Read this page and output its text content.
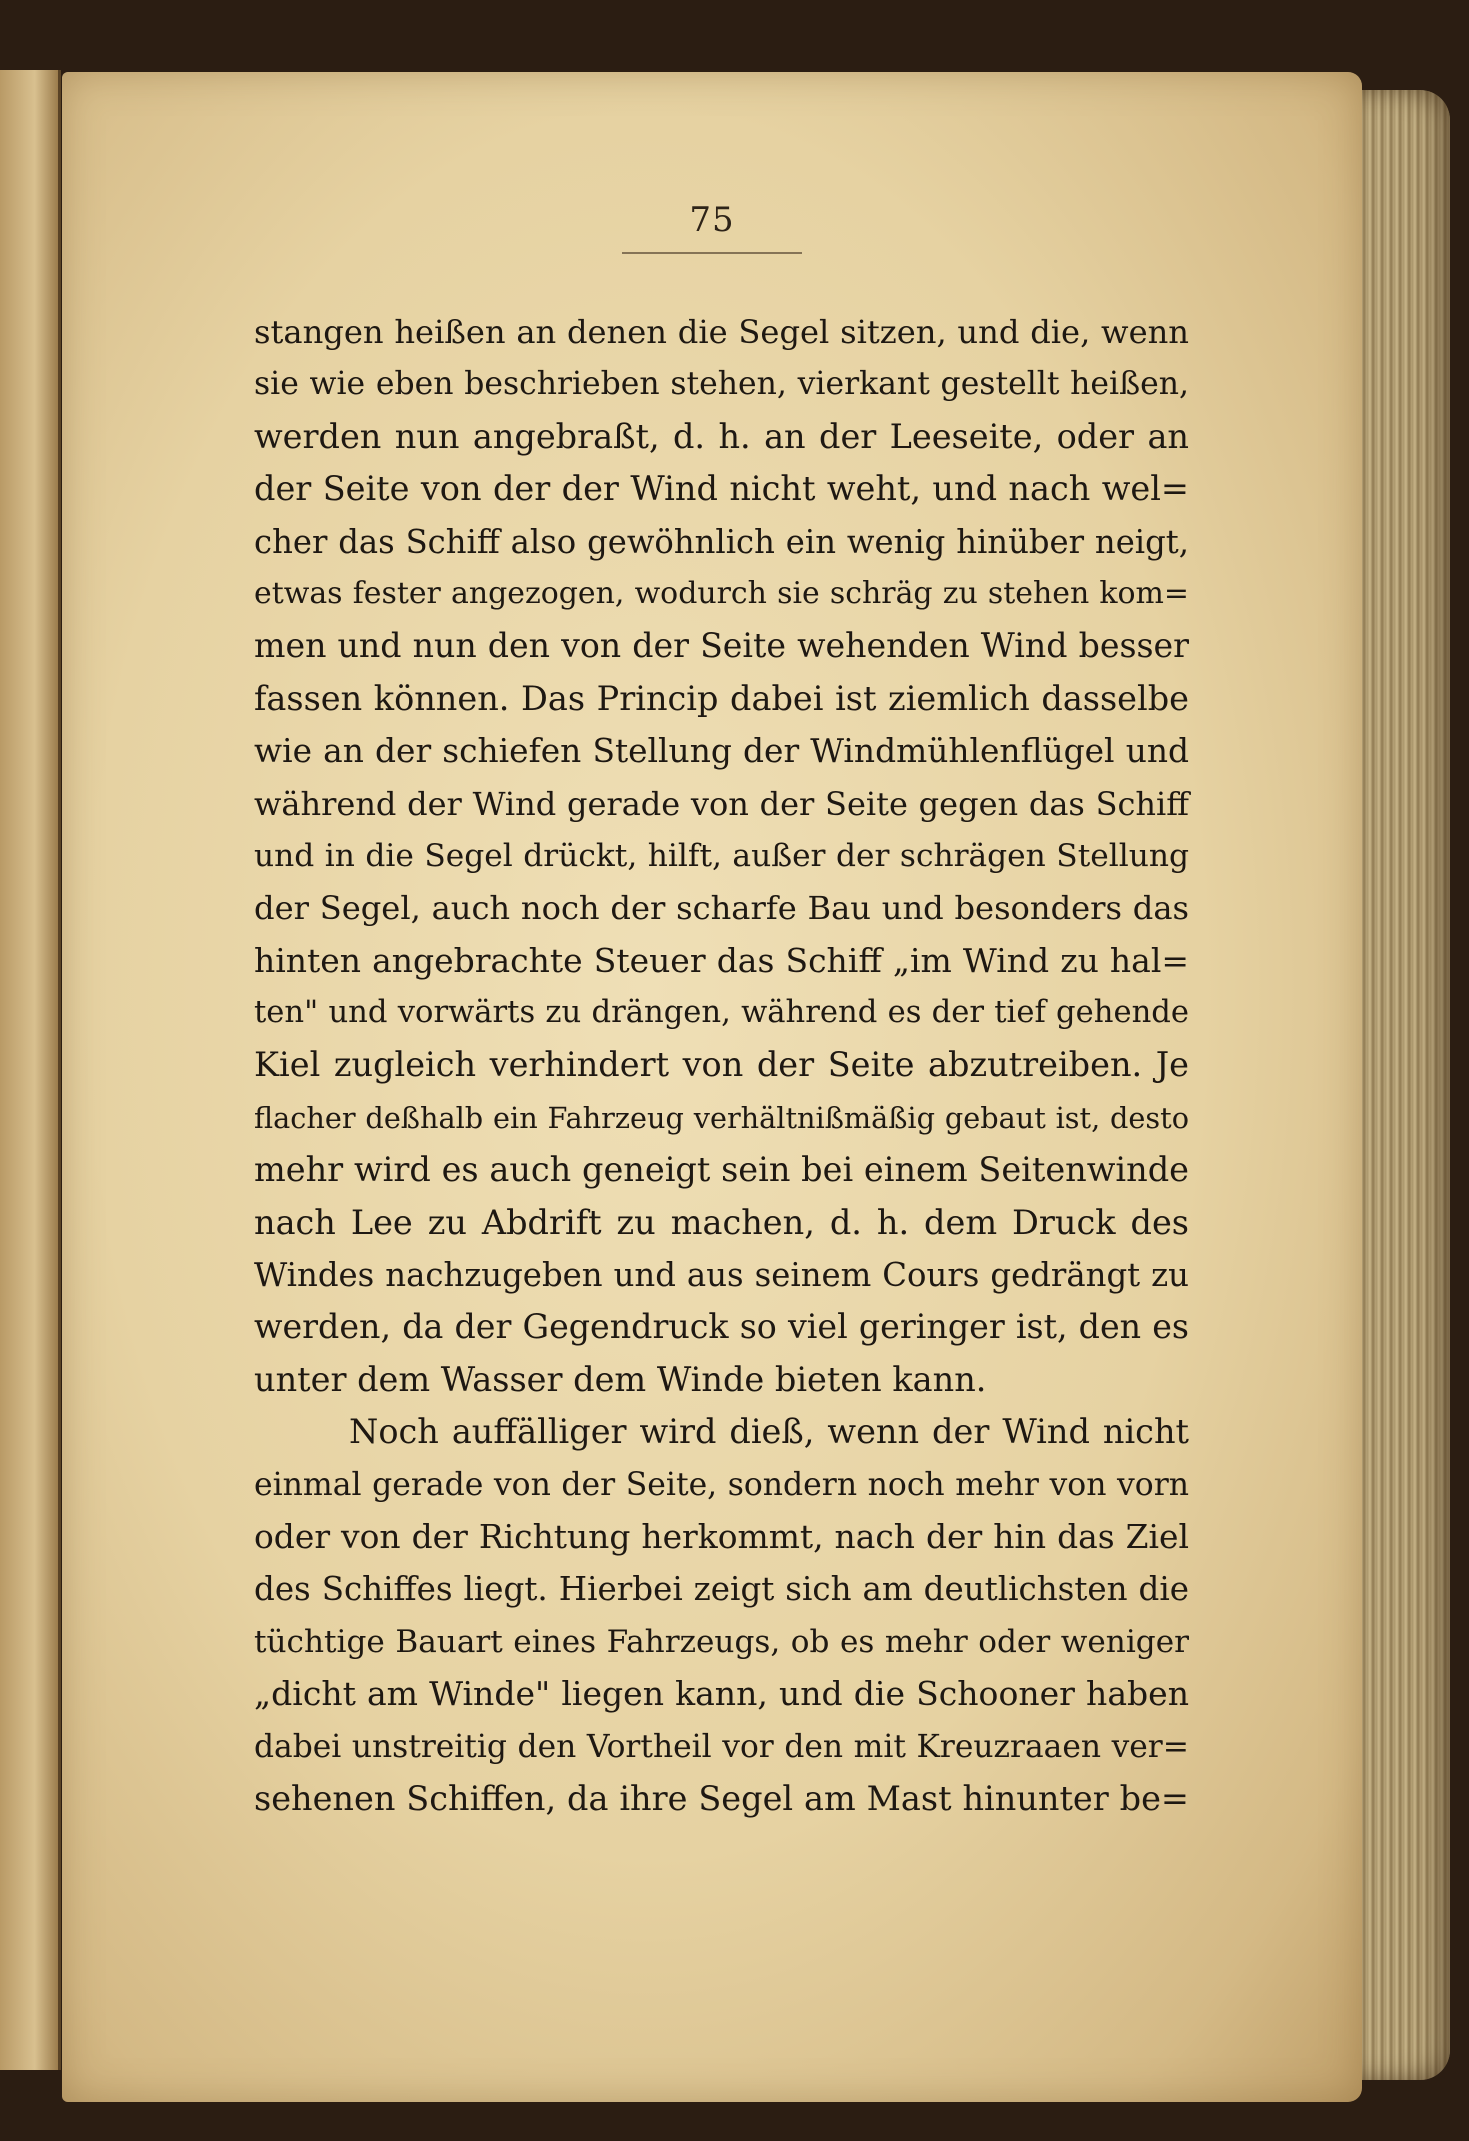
75
stangen heißen an denen die Segel sitzen, und die, wenn
sie wie eben beschrieben stehen, vierkant gestellt heißen,
werden nun angebraßt, d. h. an der Leeseite, oder an
der Seite von der der Wind nicht weht, und nach wel=
cher das Schiff also gewöhnlich ein wenig hinüber neigt,
etwas fester angezogen, wodurch sie schräg zu stehen kom=
men und nun den von der Seite wehenden Wind besser
fassen können. Das Princip dabei ist ziemlich dasselbe
wie an der schiefen Stellung der Windmühlenflügel und
während der Wind gerade von der Seite gegen das Schiff
und in die Segel drückt, hilft, außer der schrägen Stellung
der Segel, auch noch der scharfe Bau und besonders das
hinten angebrachte Steuer das Schiff „im Wind zu hal=
ten" und vorwärts zu drängen, während es der tief gehende
Kiel zugleich verhindert von der Seite abzutreiben. Je
flacher deßhalb ein Fahrzeug verhältnißmäßig gebaut ist, desto
mehr wird es auch geneigt sein bei einem Seitenwinde
nach Lee zu Abdrift zu machen, d. h. dem Druck des
Windes nachzugeben und aus seinem Cours gedrängt zu
werden, da der Gegendruck so viel geringer ist, den es
unter dem Wasser dem Winde bieten kann.
Noch auffälliger wird dieß, wenn der Wind nicht
einmal gerade von der Seite, sondern noch mehr von vorn
oder von der Richtung herkommt, nach der hin das Ziel
des Schiffes liegt. Hierbei zeigt sich am deutlichsten die
tüchtige Bauart eines Fahrzeugs, ob es mehr oder weniger
„dicht am Winde" liegen kann, und die Schooner haben
dabei unstreitig den Vortheil vor den mit Kreuzraaen ver=
sehenen Schiffen, da ihre Segel am Mast hinunter be=
